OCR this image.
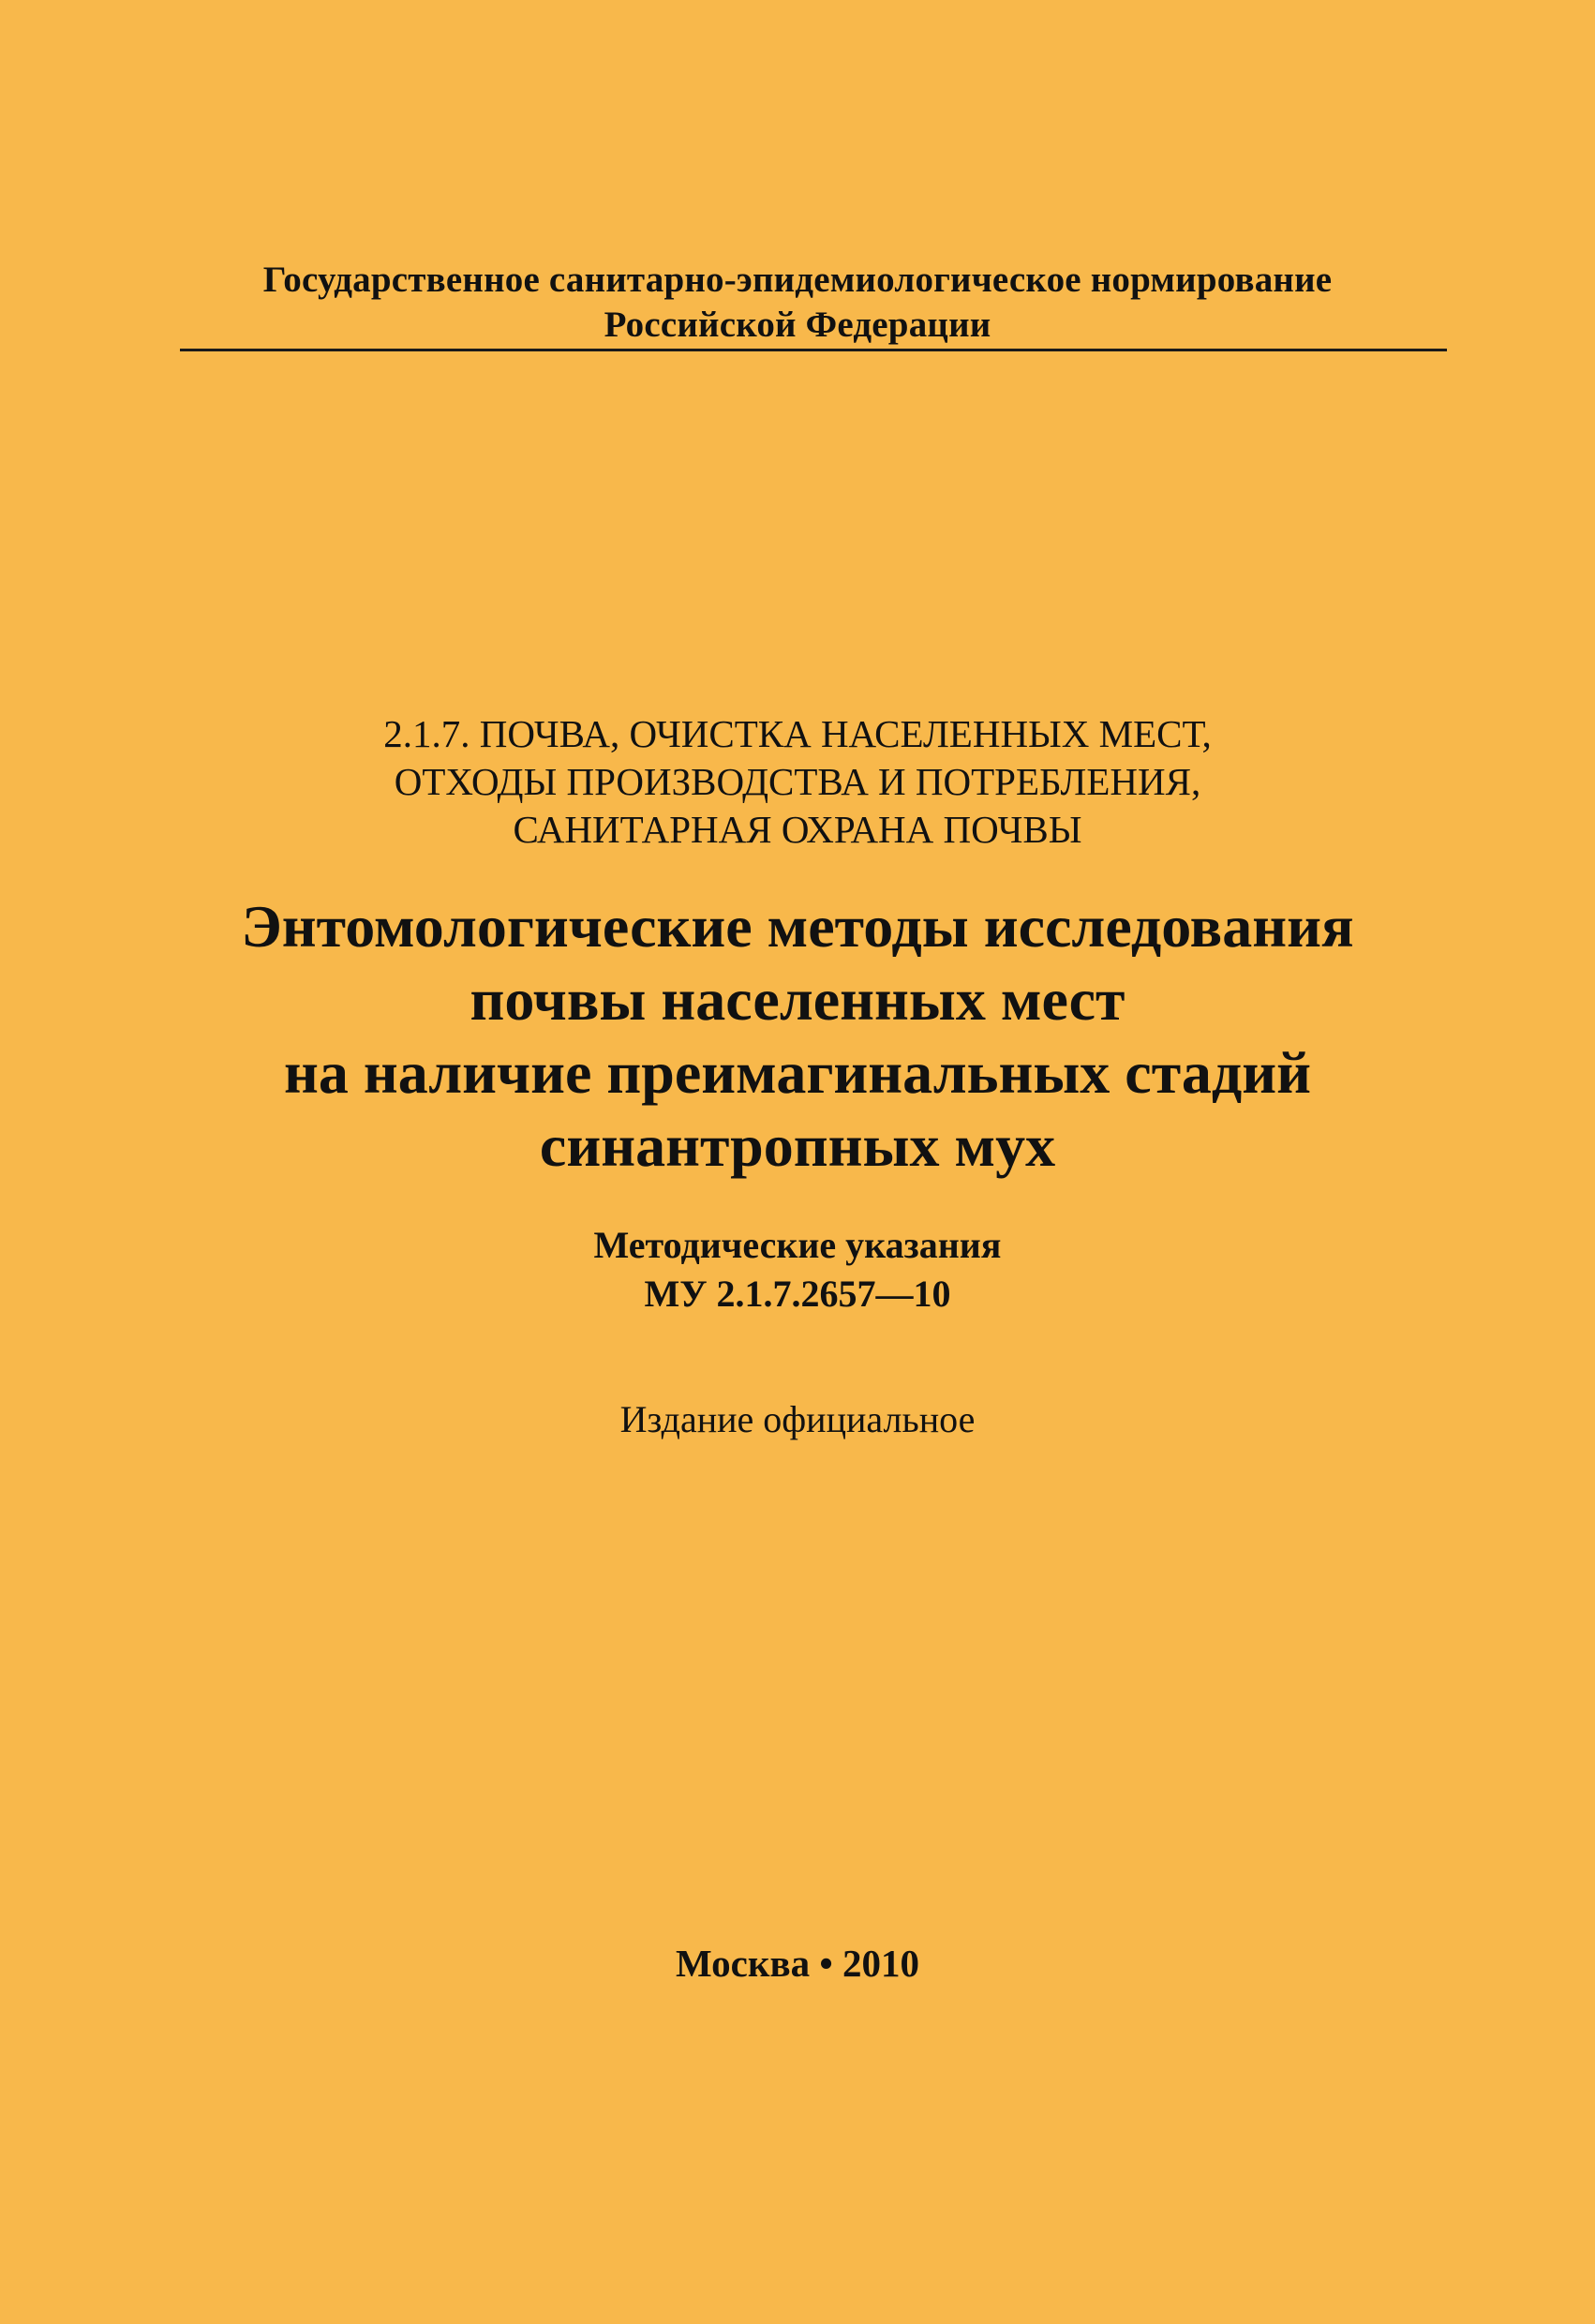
Государственное санитарно-эпидемиологическое нормирование
Российской Федерации
2.1.7. ПОЧВА, ОЧИСТКА НАСЕЛЕННЫХ МЕСТ,
ОТХОДЫ ПРОИЗВОДСТВА И ПОТРЕБЛЕНИЯ,
САНИТАРНАЯ ОХРАНА ПОЧВЫ
Энтомологические методы исследования
почвы населенных мест
на наличие преимагинальных стадий
синантропных мух
Методические указания
МУ 2.1.7.2657—10
Издание официальное
Москва • 2010
